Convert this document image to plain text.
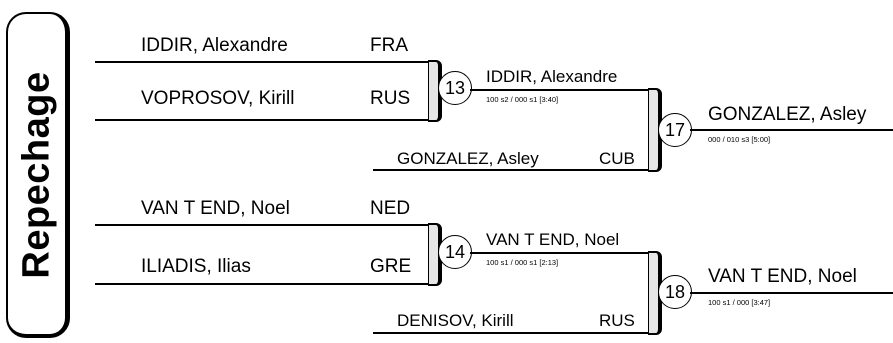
Repechage
IDDIR, Alexandre	FRA
VOPROSOV, Kirill	RUS
13
IDDIR, Alexandre
100 s2 / 000 s1 [3:40]
GONZALEZ, Asley	CUB
17
GONZALEZ, Asley
000 / 010 s3 [5:00]
VAN T END, Noel	NED
ILIADIS, Ilias	GRE
14
VAN T END, Noel
100 s1 / 000 s1 [2:13]
DENISOV, Kirill	RUS
18
VAN T END, Noel
100 s1 / 000 [3:47]
